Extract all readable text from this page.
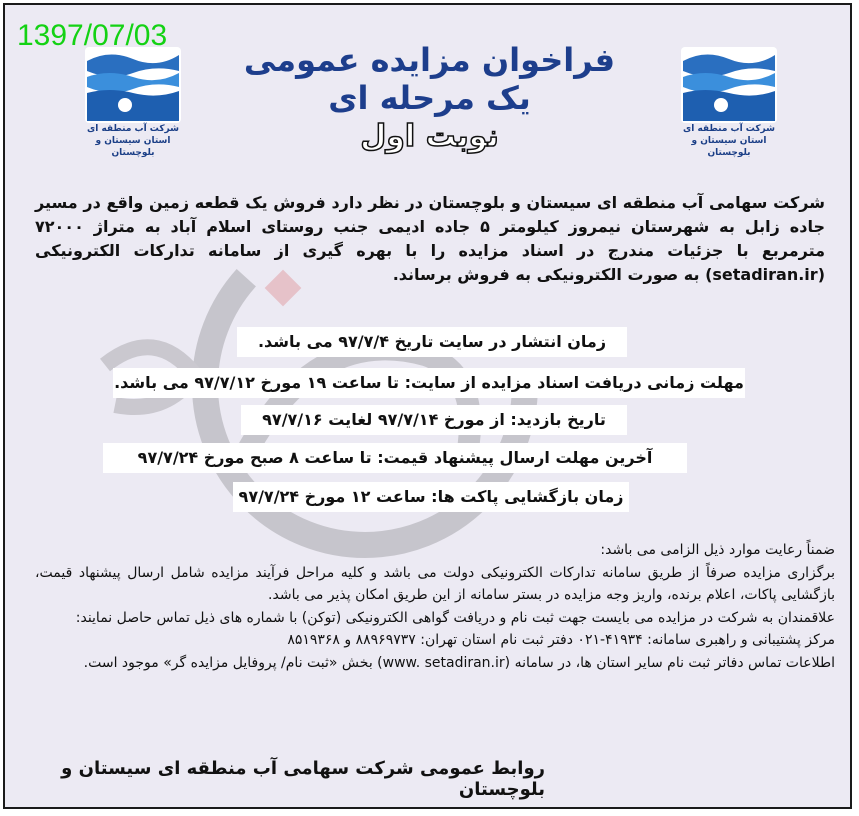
1397/07/03
شرکت آب منطقه ای
استان سیستان و بلوچستان
شرکت آب منطقه ای
استان سیستان و بلوچستان
فراخوان مزایده عمومی
یک مرحله ای
نوبت اول
شرکت سهامی آب منطقه ای سیستان و بلوچستان در نظر دارد فروش یک قطعه زمین واقع در مسیر جاده زابل به شهرستان نیمروز کیلومتر ۵ جاده ادیمی جنب روستای اسلام آباد به متراژ ۷۲۰۰۰ مترمربع با جزئیات مندرج در اسناد مزایده را با بهره گیری از سامانه تدارکات الکترونیکی (setadiran.ir) به صورت الکترونیکی به فروش برساند.
زمان انتشار در سایت تاریخ ۹۷/۷/۴ می باشد.
مهلت زمانی دریافت اسناد مزایده از سایت: تا ساعت ۱۹ مورخ ۹۷/۷/۱۲ می باشد.
تاریخ بازدید: از مورخ ۹۷/۷/۱۴ لغایت ۹۷/۷/۱۶
آخرین مهلت ارسال پیشنهاد قیمت: تا ساعت ۸ صبح مورخ ۹۷/۷/۲۴
زمان بازگشایی پاکت ها: ساعت ۱۲ مورخ ۹۷/۷/۲۴

ضمناً رعایت موارد ذیل الزامی می باشد:

برگزاری مزایده صرفاً از طریق سامانه تدارکات الکترونیکی دولت می باشد و کلیه مراحل فرآیند مزایده شامل ارسال پیشنهاد قیمت، بازگشایی پاکات، اعلام برنده، واریز وجه مزایده در بستر سامانه از این طریق امکان پذیر می باشد.

علاقمندان به شرکت در مزایده می بایست جهت ثبت نام و دریافت گواهی الکترونیکی (توکن) با شماره های ذیل تماس حاصل نمایند:

مرکز پشتیبانی و راهبری سامانه: ۴۱۹۳۴-۰۲۱ دفتر ثبت نام استان تهران: ۸۸۹۶۹۷۳۷ و ۸۵۱۹۳۶۸

اطلاعات تماس دفاتر ثبت نام سایر استان ها، در سامانه (www. setadiran.ir) بخش «ثبت نام/ پروفایل مزایده گر» موجود است.

روابط عمومی شرکت سهامی آب منطقه ای سیستان و بلوچستان
